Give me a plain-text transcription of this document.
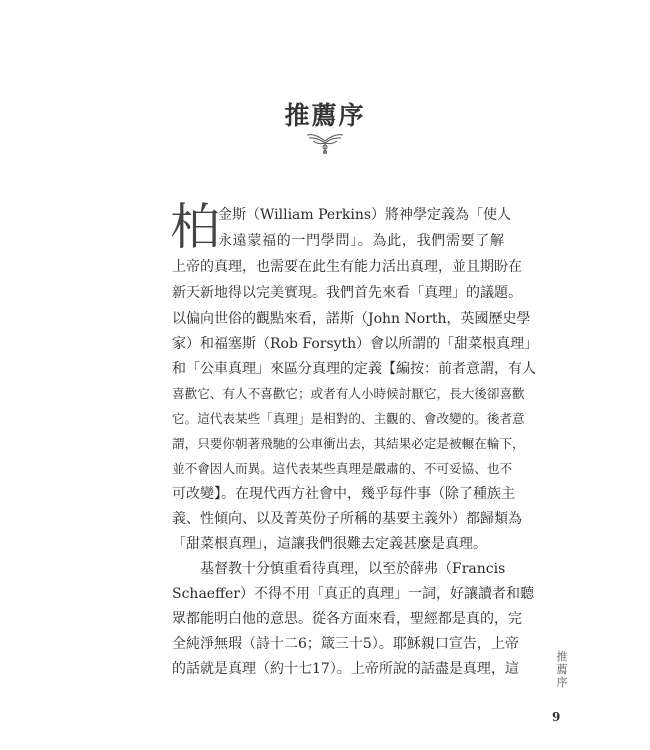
推薦序
柏
金斯（William Perkins）將神學定義為「使人
永遠蒙福的一門學問」。為此，我們需要了解
上帝的真理，也需要在此生有能力活出真理，並且期盼在
新天新地得以完美實現。我們首先來看「真理」的議題。
以偏向世俗的觀點來看，諾斯（John North，英國歷史學
家）和福塞斯（Rob Forsyth）會以所謂的「甜菜根真理」
和「公車真理」來區分真理的定義【編按：前者意謂，有人
喜歡它、有人不喜歡它；或者有人小時候討厭它，長大後卻喜歡
它。這代表某些「真理」是相對的、主觀的、會改變的。後者意
謂，只要你朝著飛馳的公車衝出去，其結果必定是被輾在輪下，
並不會因人而異。這代表某些真理是嚴肅的、不可妥協、也不
可改變】。在現代西方社會中，幾乎每件事（除了種族主
義、性傾向、以及菁英份子所稱的基要主義外）都歸類為
「甜菜根真理」，這讓我們很難去定義甚麼是真理。
基督教十分慎重看待真理，以至於薛弗（Francis
Schaeffer）不得不用「真正的真理」一詞，好讓讀者和聽
眾都能明白他的意思。從各方面來看，聖經都是真的，完
全純淨無瑕（詩十二6；箴三十5）。耶穌親口宣告，上帝
的話就是真理（約十七17）。上帝所說的話盡是真理，這
推薦序
9
